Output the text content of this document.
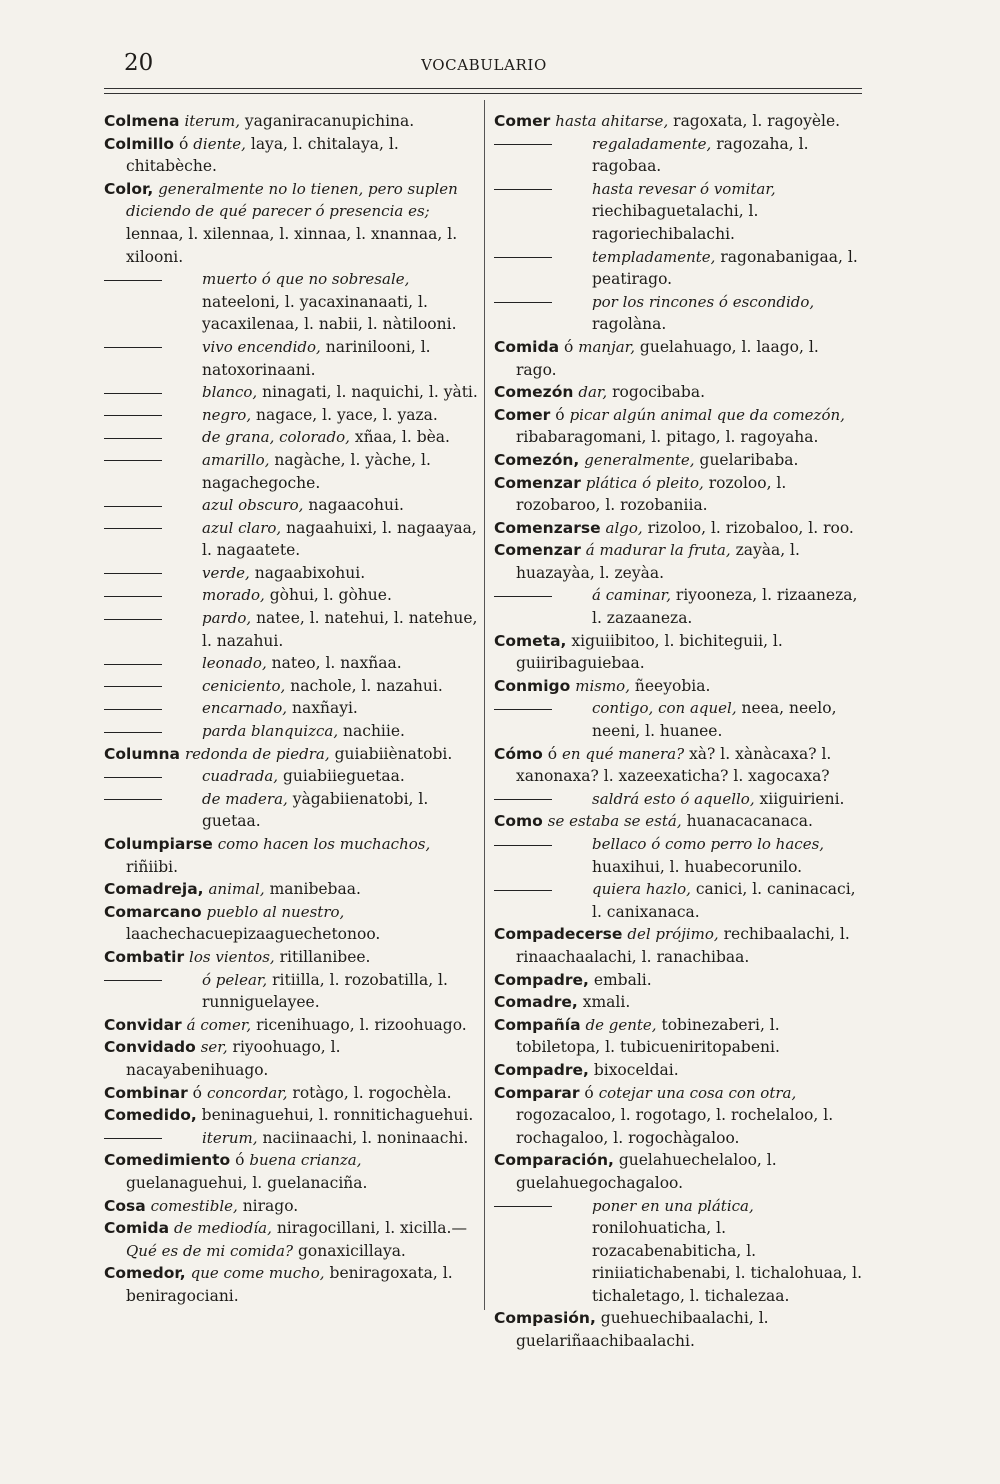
20	VOCABULARIO
Colmena iterum, yaganiracanupichina.
Colmillo ó diente, laya, l. chitalaya, l. chitabèche.
Color, generalmente no lo tienen, pero suplen diciendo de qué parecer ó presencia es; lennaa, l. xilennaa, l. xinnaa, l. xnannaa, l. xilooni.
muerto ó que no sobresale, nateeloni, l. yacaxinanaati, l. yacaxilenaa, l. nabii, l. nàtilooni.
vivo encendido, narinilooni, l. natoxorinaani.
blanco, ninagati, l. naquichi, l. yàti.
negro, nagace, l. yace, l. yaza.
de grana, colorado, xñaa, l. bèa.
amarillo, nagàche, l. yàche, l. nagachegoche.
azul obscuro, nagaacohui.
azul claro, nagaahuixi, l. nagaayaa, l. nagaatete.
verde, nagaabixohui.
morado, gòhui, l. gòhue.
pardo, natee, l. natehui, l. natehue, l. nazahui.
leonado, nateo, l. naxñaa.
ceniciento, nachole, l. nazahui.
encarnado, naxñayi.
parda blanquizca, nachiie.
Columna redonda de piedra, guiabiiènatobi.
cuadrada, guiabiieguetaa.
de madera, yàgabiienatobi, l. guetaa.
Columpiarse como hacen los muchachos, riñiibi.
Comadreja, animal, manibebaa.
Comarcano pueblo al nuestro, laachechacuepizaaguechetonoo.
Combatir los vientos, ritillanibee.
ó pelear, ritiilla, l. rozobatilla, l. runniguelayee.
Convidar á comer, ricenihuago, l. rizoohuago.
Convidado ser, riyoohuago, l. nacayabenihuago.
Combinar ó concordar, rotàgo, l. rogochèla.
Comedido, beninaguehui, l. ronnitichaguehui.
iterum, naciinaachi, l. noninaachi.
Comedimiento ó buena crianza, guelanaguehui, l. guelanaciña.
Cosa comestible, nirago.
Comida de mediodía, niragocillani, l. xicilla.— Qué es de mi comida? gonaxicillaya.
Comedor, que come mucho, beniragoxata, l. beniragociani.
Comer hasta ahitarse, ragoxata, l. ragoyèle.
regaladamente, ragozaha, l. ragobaa.
hasta revesar ó vomitar, riechibaguetalachi, l. ragoriechibalachi.
templadamente, ragonabanigaa, l. peatirago.
por los rincones ó escondido, ragolàna.
Comida ó manjar, guelahuago, l. laago, l. rago.
Comezón dar, rogocibaba.
Comer ó picar algún animal que da comezón, ribabaragomani, l. pitago, l. ragoyaha.
Comezón, generalmente, guelaribaba.
Comenzar plática ó pleito, rozoloo, l. rozobaroo, l. rozobaniia.
Comenzarse algo, rizoloo, l. rizobaloo, l. roo.
Comenzar á madurar la fruta, zayàa, l. huazayàa, l. zeyàa.
á caminar, riyooneza, l. rizaaneza, l. zazaaneza.
Cometa, xiguiibitoo, l. bichiteguii, l. guiiribaguiebaa.
Conmigo mismo, ñeeyobia.
contigo, con aquel, neea, neelo, neeni, l. huanee.
Cómo ó en qué manera? xà? l. xànàcaxa? l. xanonaxa? l. xazeexaticha? l. xagocaxa?
saldrá esto ó aquello, xiiguirieni.
Como se estaba se está, huanacacanaca.
bellaco ó como perro lo haces, huaxihui, l. huabecorunilo.
quiera hazlo, canici, l. caninacaci, l. canixanaca.
Compadecerse del prójimo, rechibaalachi, l. rinaachaalachi, l. ranachibaa.
Compadre, embali.
Comadre, xmali.
Compañía de gente, tobinezaberi, l. tobiletopa, l. tubicueniritopabeni.
Compadre, bixoceldai.
Comparar ó cotejar una cosa con otra, rogozacaloo, l. rogotago, l. rochelaloo, l. rochagaloo, l. rogochàgaloo.
Comparación, guelahuechelaloo, l. guelahuegochagaloo.
poner en una plática, ronilohuaticha, l. rozacabenabiticha, l. riniiatichabenabi, l. tichalohuaa, l. tichaletago, l. tichalezaa.
Compasión, guehuechibaalachi, l. guelariñaachibaalachi.
